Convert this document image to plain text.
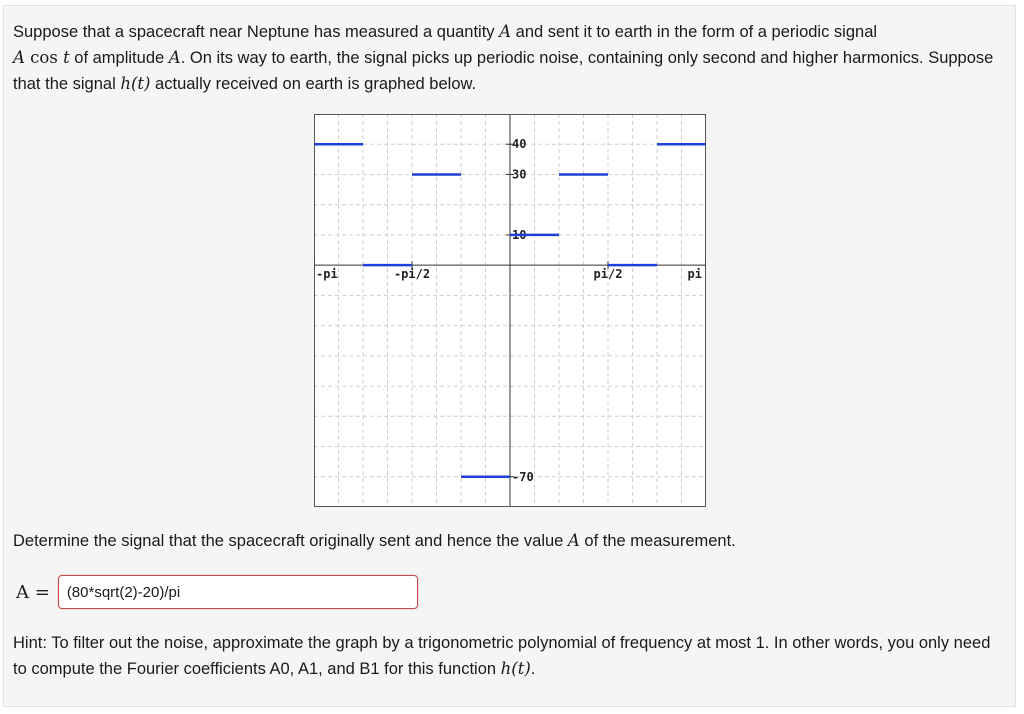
Suppose that a spacecraft near Neptune has measured a quantity A and sent it to earth in the form of a periodic signal
A cos t of amplitude A. On its way to earth, the signal picks up periodic noise, containing only second and higher harmonics. Suppose that the signal h(t) actually received on earth is graphed below.
-pi	-pi/2	pi/2	pi
40
30
10
-70
Determine the signal that the spacecraft originally sent and hence the value A of the measurement.
A =
(80*sqrt(2)-20)/pi
Hint: To filter out the noise, approximate the graph by a trigonometric polynomial of frequency at most 1. In other words, you only need to compute the Fourier coefficients A0, A1, and B1 for this function h(t).
